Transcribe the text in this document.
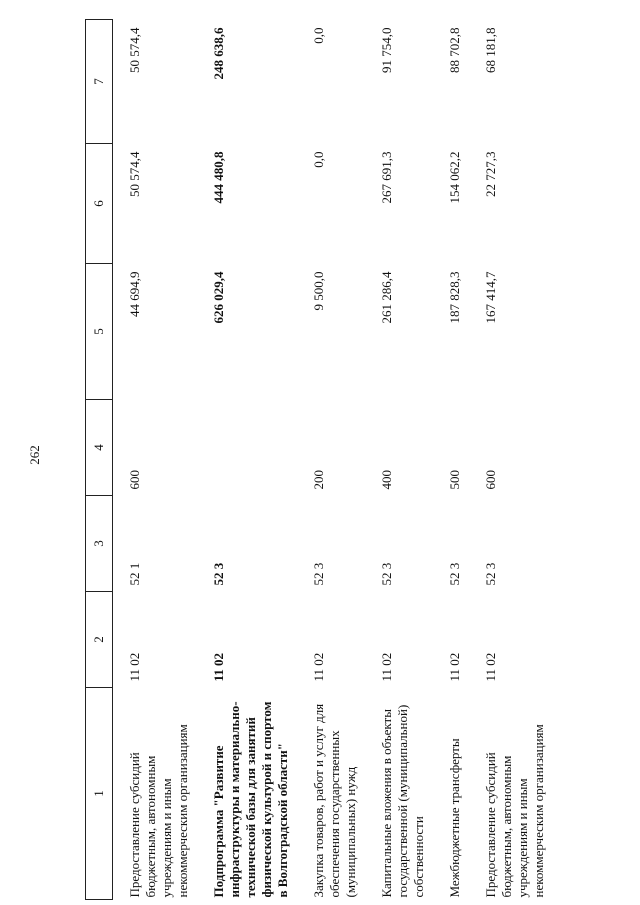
262
1	2	3	4	5	6	7
Предоставление субсидий бюджетным, автономным учреждениям и иным некоммерческим организациям	11 02	52 1	600	44 694,9	50 574,4	50 574,4
Подпрограмма "Развитие инфраструктуры и материально-технической базы для занятий физической культурой и спортом в Волгоградской области"	11 02	52 3		626 029,4	444 480,8	248 638,6
Закупка товаров, работ и услуг для обеспечения государственных (муниципальных) нужд	11 02	52 3	200	9 500,0	0,0	0,0
Капитальные вложения в объекты государственной (муниципальной) собственности	11 02	52 3	400	261 286,4	267 691,3	91 754,0
Межбюджетные трансферты	11 02	52 3	500	187 828,3	154 062,2	88 702,8
Предоставление субсидий бюджетным, автономным учреждениям и иным некоммерческим организациям	11 02	52 3	600	167 414,7	22 727,3	68 181,8
